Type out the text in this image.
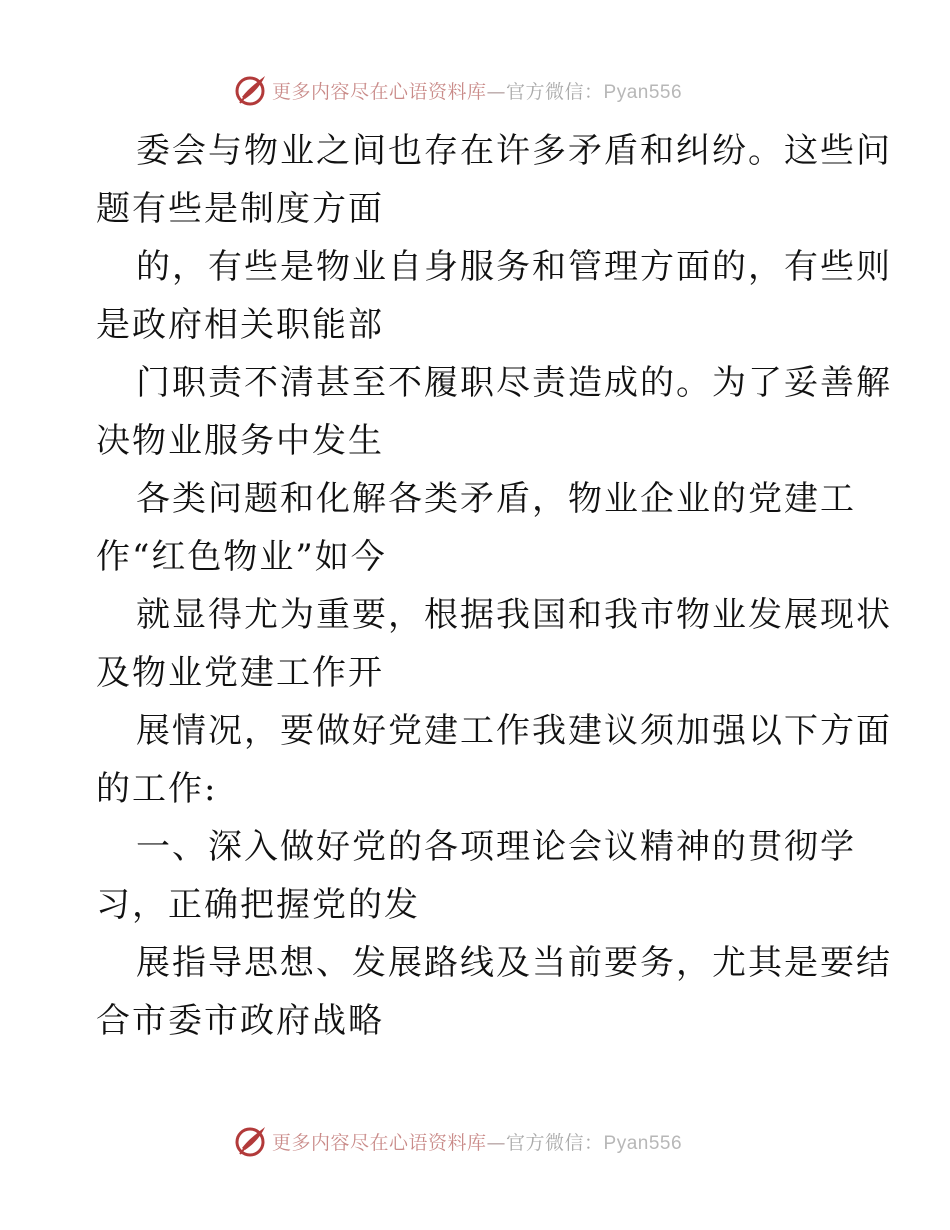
更多内容尽在心语资料库—官方微信：Pyan556

委会与物业之间也存在许多矛盾和纠纷。这些问
题有些是制度方面

的，有些是物业自身服务和管理方面的，有些则
是政府相关职能部

门职责不清甚至不履职尽责造成的。为了妥善解
决物业服务中发生

各类问题和化解各类矛盾，物业企业的党建工
作“红色物业”如今

就显得尤为重要，根据我国和我市物业发展现状
及物业党建工作开

展情况，要做好党建工作我建议须加强以下方面
的工作:

一、深入做好党的各项理论会议精神的贯彻学
习，正确把握党的发

展指导思想、发展路线及当前要务，尤其是要结
合市委市政府战略

更多内容尽在心语资料库—官方微信：Pyan556
